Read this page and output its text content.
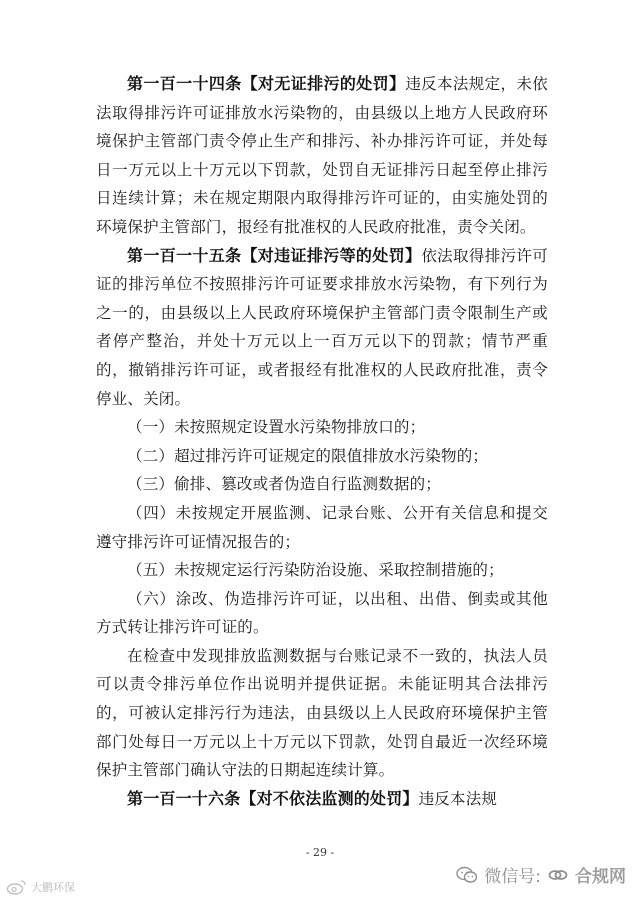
第一百一十四条【对无证排污的处罚】违反本法规定，未依法取得排污许可证排放水污染物的，由县级以上地方人民政府环境保护主管部门责令停止生产和排污、补办排污许可证，并处每日一万元以上十万元以下罚款，处罚自无证排污日起至停止排污日连续计算；未在规定期限内取得排污许可证的，由实施处罚的环境保护主管部门，报经有批准权的人民政府批准，责令关闭。

第一百一十五条【对违证排污等的处罚】依法取得排污许可证的排污单位不按照排污许可证要求排放水污染物，有下列行为之一的，由县级以上人民政府环境保护主管部门责令限制生产或者停产整治，并处十万元以上一百万元以下的罚款；情节严重的，撤销排污许可证，或者报经有批准权的人民政府批准，责令停业、关闭。

（一）未按照规定设置水污染物排放口的；

（二）超过排污许可证规定的限值排放水污染物的；

（三）偷排、篡改或者伪造自行监测数据的；

（四）未按规定开展监测、记录台账、公开有关信息和提交遵守排污许可证情况报告的；

（五）未按规定运行污染防治设施、采取控制措施的；

（六）涂改、伪造排污许可证，以出租、出借、倒卖或其他方式转让排污许可证的。

在检查中发现排放监测数据与台账记录不一致的，执法人员可以责令排污单位作出说明并提供证据。未能证明其合法排污的，可被认定排污行为违法，由县级以上人民政府环境保护主管部门处每日一万元以上十万元以下罚款，处罚自最近一次经环境保护主管部门确认守法的日期起连续计算。

第一百一十六条【对不依法监测的处罚】违反本法规

- 29 -
大鹏环保
微信号: 合规网
